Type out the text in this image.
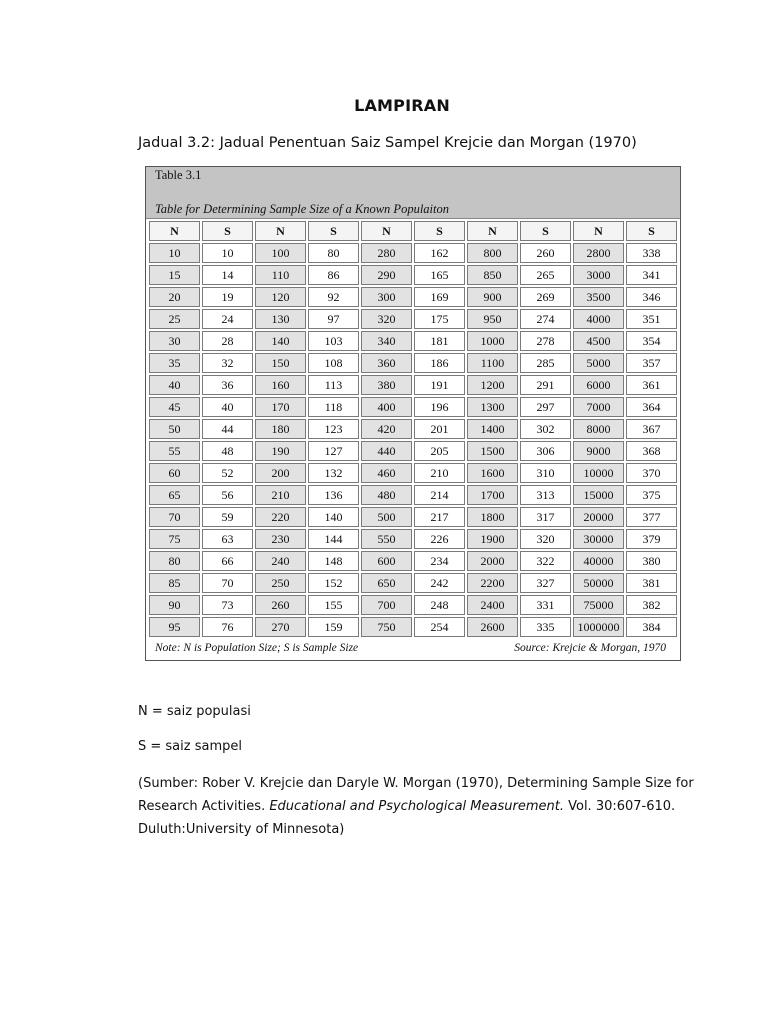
LAMPIRAN
Jadual 3.2: Jadual Penentuan Saiz Sampel Krejcie dan Morgan (1970)
Table 3.1
Table for Determining Sample Size of a Known Populaiton
N	S	N	S	N	S	N	S	N	S
10	10	100	80	280	162	800	260	2800	338
15	14	110	86	290	165	850	265	3000	341
20	19	120	92	300	169	900	269	3500	346
25	24	130	97	320	175	950	274	4000	351
30	28	140	103	340	181	1000	278	4500	354
35	32	150	108	360	186	1100	285	5000	357
40	36	160	113	380	191	1200	291	6000	361
45	40	170	118	400	196	1300	297	7000	364
50	44	180	123	420	201	1400	302	8000	367
55	48	190	127	440	205	1500	306	9000	368
60	52	200	132	460	210	1600	310	10000	370
65	56	210	136	480	214	1700	313	15000	375
70	59	220	140	500	217	1800	317	20000	377
75	63	230	144	550	226	1900	320	30000	379
80	66	240	148	600	234	2000	322	40000	380
85	70	250	152	650	242	2200	327	50000	381
90	73	260	155	700	248	2400	331	75000	382
95	76	270	159	750	254	2600	335	1000000	384
Note: N is Population Size; S is Sample Size	Source: Krejcie & Morgan, 1970
N = saiz populasi
S = saiz sampel
(Sumber: Rober V. Krejcie dan Daryle W. Morgan (1970), Determining Sample Size for Research Activities. Educational and Psychological Measurement. Vol. 30:607-610. Duluth:University of Minnesota)
